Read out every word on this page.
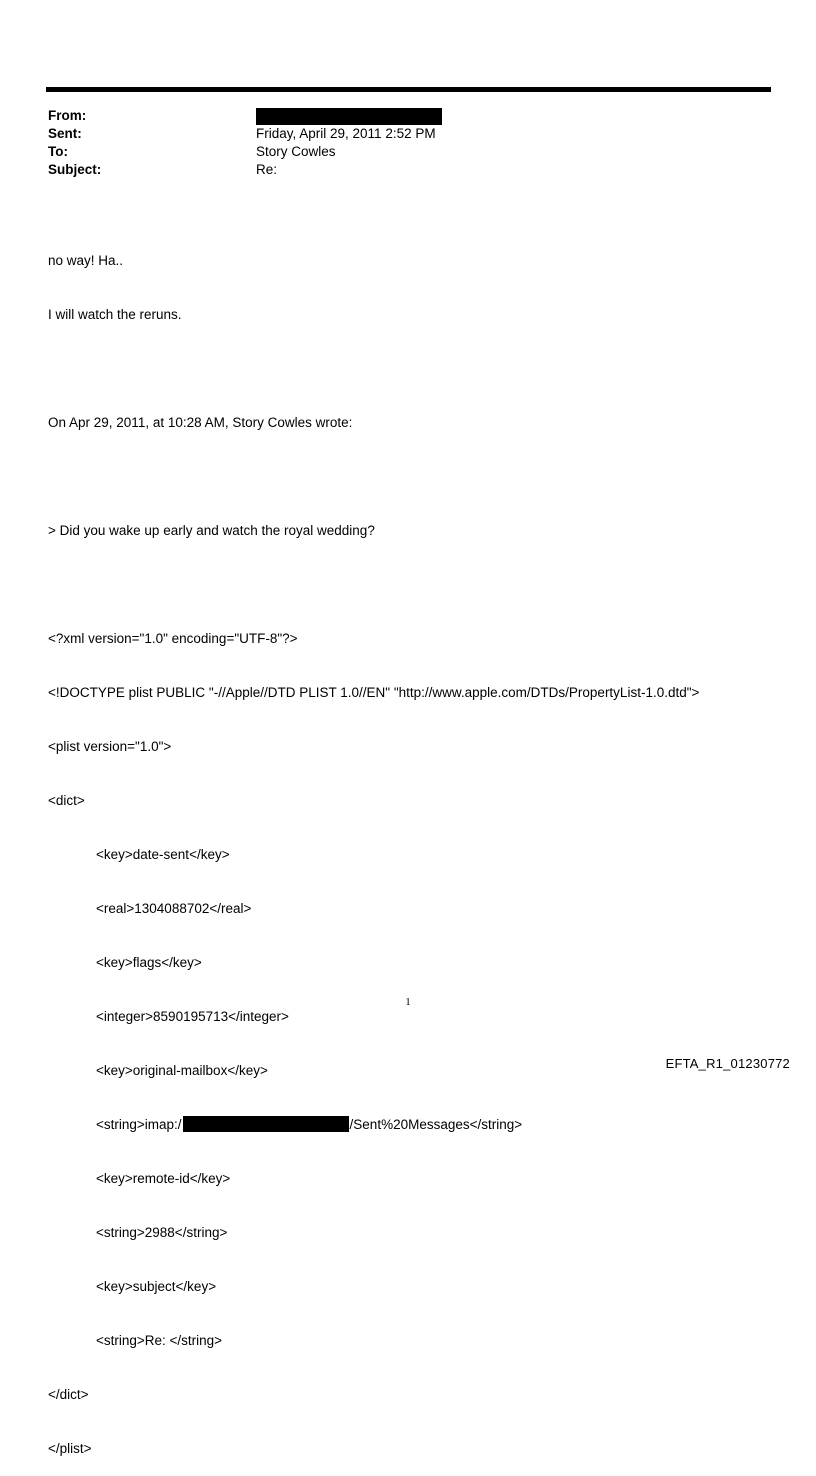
From:
Sent:	Friday, April 29, 2011 2:52 PM
To:	Story Cowles
Subject:	Re:

no way! Ha..

I will watch the reruns.

On Apr 29, 2011, at 10:28 AM, Story Cowles wrote:

> Did you wake up early and watch the royal wedding?

<?xml version="1.0" encoding="UTF-8"?>

<!DOCTYPE plist PUBLIC "-//Apple//DTD PLIST 1.0//EN" "http://www.apple.com/DTDs/PropertyList-1.0.dtd">

<plist version="1.0">

<dict>

<key>date-sent</key>

<real>1304088702</real>

<key>flags</key>

<integer>8590195713</integer>

<key>original-mailbox</key>

<string>imap:/	/Sent%20Messages</string>

<key>remote-id</key>

<string>2988</string>

<key>subject</key>

<string>Re: </string>

</dict>

</plist>

1
EFTA_R1_01230772
